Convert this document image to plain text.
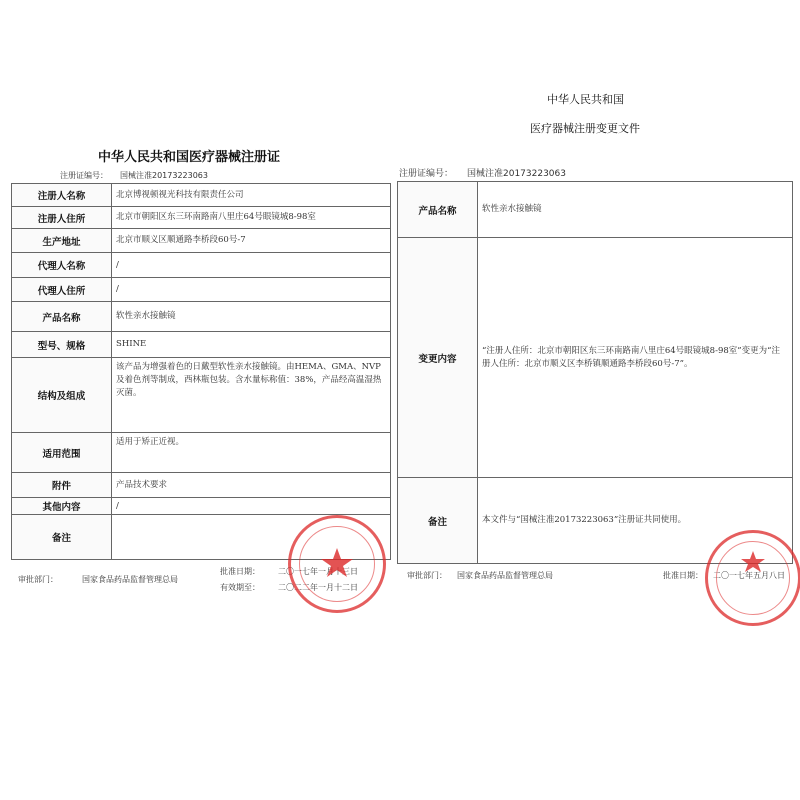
中华人民共和国医疗器械注册证
注册证编号： 国械注准20173223063
注册人名称	北京博视顿视光科技有限责任公司
注册人住所	北京市朝阳区东三环南路南八里庄64号眼镜城8-98室
生产地址	北京市顺义区顺通路李桥段60号-7
代理人名称	/
代理人住所	/
产品名称	软性亲水接触镜
型号、规格	SHINE
结构及组成	该产品为增强着色的日戴型软性亲水接触镜。由HEMA、GMA、NVP及着色剂等制成，西林瓶包装。含水量标称值：38%，产品经高温湿热灭菌。
适用范围	适用于矫正近视。
附件	产品技术要求
其他内容	/
备注	
审批部门：	国家食品药品监督管理总局
批准日期： 二〇一七年一月十三日
有效期至： 二〇二二年一月十二日
中华人民共和国
医疗器械注册变更文件
注册证编号： 国械注准20173223063
产品名称	软性亲水接触镜
变更内容	“注册人住所：北京市朝阳区东三环南路南八里庄64号眼镜城8-98室”变更为“注册人住所：北京市顺义区李桥镇顺通路李桥段60号-7”。
备注	本文件与“国械注准20173223063”注册证共同使用。
审批部门： 国家食品药品监督管理总局	批准日期： 二〇一七年五月八日
